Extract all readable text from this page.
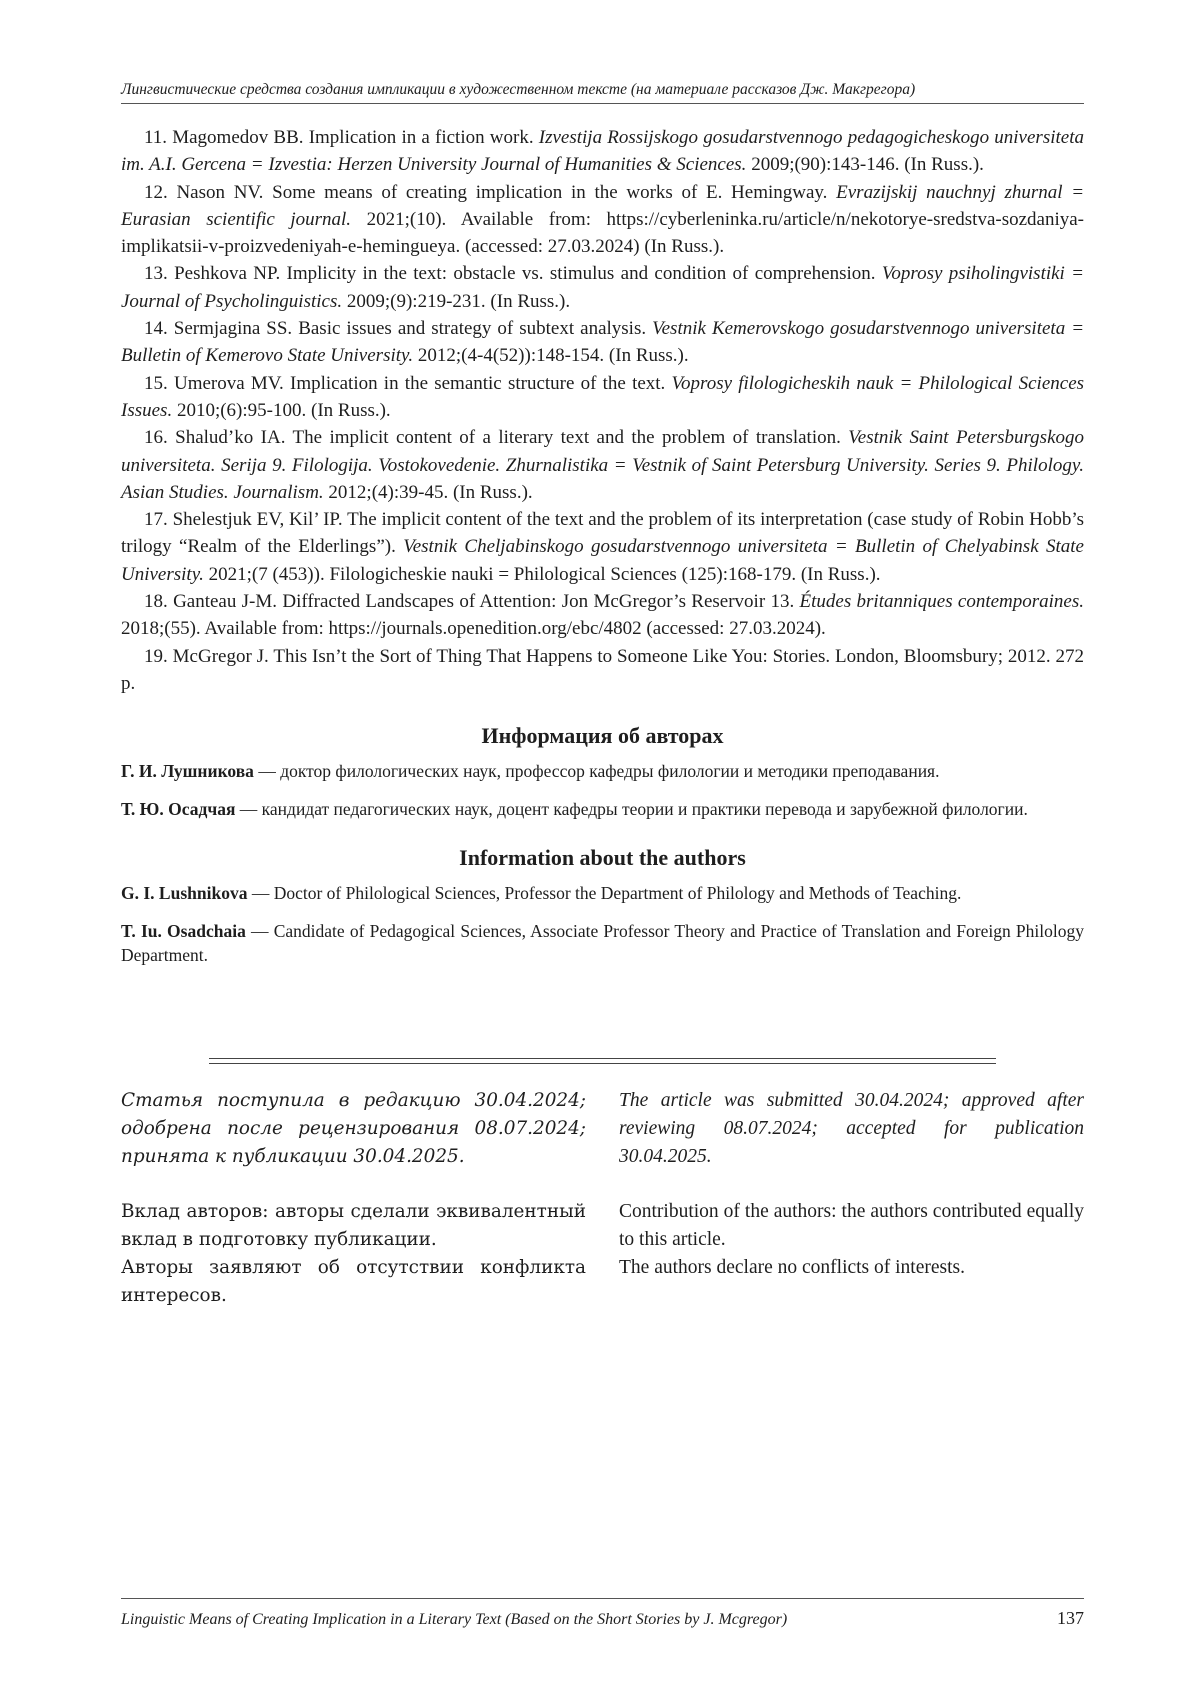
Лингвистические средства создания импликации в художественном тексте (на материале рассказов Дж. Макгрегора)

11. Magomedov BB. Implication in a fiction work. Izvestija Rossijskogo gosudarstvennogo pedagogicheskogo universiteta im. A.I. Gercena = Izvestia: Herzen University Journal of Humanities & Sciences. 2009;(90):143-146. (In Russ.).

12. Nason NV. Some means of creating implication in the works of E. Hemingway. Evrazijskij nauchnyj zhurnal = Eurasian scientific journal. 2021;(10). Available from: https://cyberleninka.ru/article/n/nekotorye-sredstva-sozdaniya-implikatsii-v-proizvedeniyah-e-hemingueya. (accessed: 27.03.2024) (In Russ.).

13. Peshkova NP. Implicity in the text: obstacle vs. stimulus and condition of comprehension. Voprosy psiholingvistiki = Journal of Psycholinguistics. 2009;(9):219-231. (In Russ.).

14. Sermjagina SS. Basic issues and strategy of subtext analysis. Vestnik Kemerovskogo gosudarstvennogo universiteta = Bulletin of Kemerovo State University. 2012;(4-4(52)):148-154. (In Russ.).

15. Umerova MV. Implication in the semantic structure of the text. Voprosy filologicheskih nauk = Philological Sciences Issues. 2010;(6):95-100. (In Russ.).

16. Shalud’ko IA. The implicit content of a literary text and the problem of translation. Vestnik Saint Petersburgskogo universiteta. Serija 9. Filologija. Vostokovedenie. Zhurnalistika = Vestnik of Saint Petersburg University. Series 9. Philology. Asian Studies. Journalism. 2012;(4):39-45. (In Russ.).

17. Shelestjuk EV, Kil’ IP. The implicit content of the text and the problem of its interpretation (case study of Robin Hobb’s trilogy “Realm of the Elderlings”). Vestnik Cheljabinskogo gosudarstvennogo universiteta = Bulletin of Chelyabinsk State University. 2021;(7 (453)). Filologicheskie nauki = Philological Sciences (125):168-179. (In Russ.).

18. Ganteau J-M. Diffracted Landscapes of Attention: Jon McGregor’s Reservoir 13. Études britanniques contemporaines. 2018;(55). Available from: https://journals.openedition.org/ebc/4802 (accessed: 27.03.2024).

19. McGregor J. This Isn’t the Sort of Thing That Happens to Someone Like You: Stories. London, Bloomsbury; 2012. 272 p.

Информация об авторах

Г. И. Лушникова — доктор филологических наук, профессор кафедры филологии и методики преподавания.

Т. Ю. Осадчая — кандидат педагогических наук, доцент кафедры теории и практики перевода и зарубежной филологии.

Information about the authors

G. I. Lushnikova — Doctor of Philological Sciences, Professor the Department of Philology and Methods of Teaching.

T. Iu. Osadchaia — Candidate of Pedagogical Sciences, Associate Professor Theory and Practice of Translation and Foreign Philology Department.

Статья поступила в редакцию 30.04.2024; одобрена после рецензирования 08.07.2024; принята к публикации 30.04.2025.

Вклад авторов: авторы сделали эквивалентный вклад в подготовку публикации.

Авторы заявляют об отсутствии конфликта интересов.

The article was submitted 30.04.2024; approved after reviewing 08.07.2024; accepted for publication 30.04.2025.

Contribution of the authors: the authors contributed equally to this article.

The authors declare no conflicts of interests.

Linguistic Means of Creating Implication in a Literary Text (Based on the Short Stories by J. Mcgregor)	137
